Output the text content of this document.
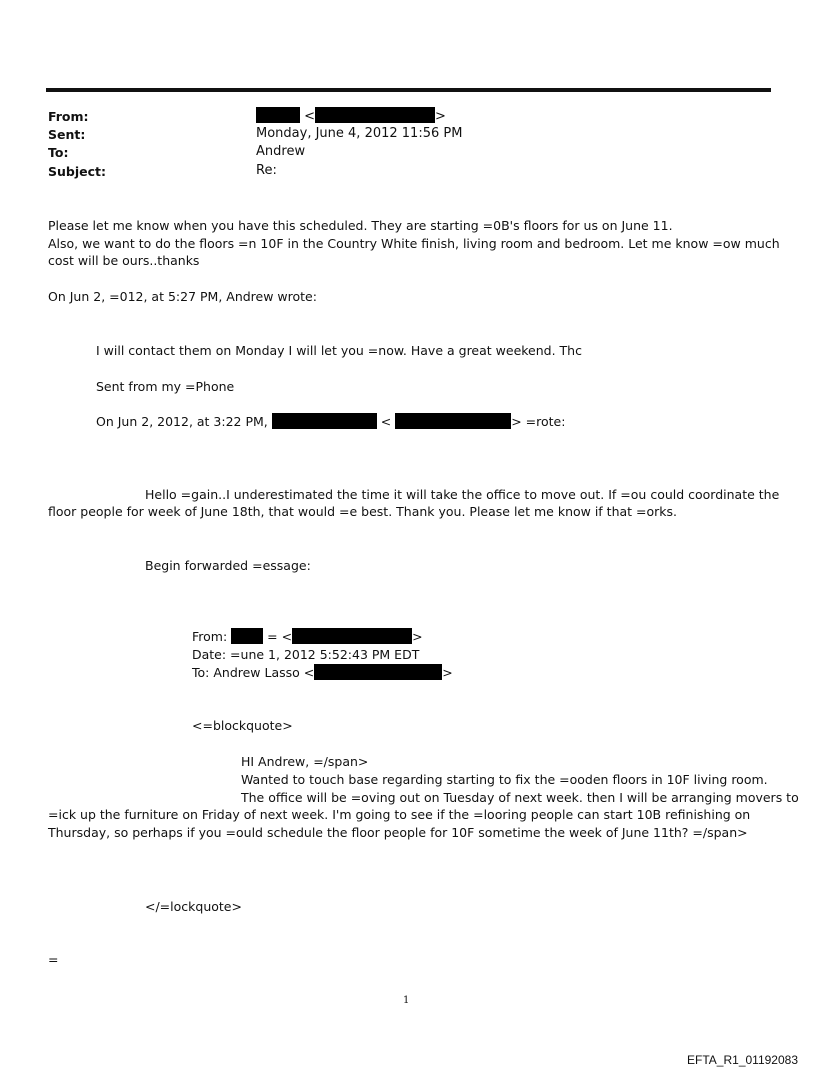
From:	<	>
Sent:	Monday, June 4, 2012 11:56 PM
To:	Andrew
Subject:	Re:
Please let me know when you have this scheduled. They are starting =0B's floors for us on June 11.
Also, we want to do the floors =n 10F in the Country White finish, living room and bedroom. Let me know =ow much
cost will be ours..thanks
On Jun 2, =012, at 5:27 PM, Andrew wrote:
I will contact them on Monday I will let you =now. Have a great weekend. Thc
Sent from my =Phone
On Jun 2, 2012, at 3:22 PM,	<	> =rote:
Hello =gain..I underestimated the time it will take the office to move out. If =ou could coordinate the
floor people for week of June 18th, that would =e best. Thank you. Please let me know if that =orks.
Begin forwarded =essage:
From:	= <	>
Date: =une 1, 2012 5:52:43 PM EDT
To: Andrew Lasso <	>
<=blockquote>
HI Andrew, =/span>
Wanted to touch base regarding starting to fix the =ooden floors in 10F living room.
The office will be =oving out on Tuesday of next week. then I will be arranging movers to
=ick up the furniture on Friday of next week. I'm going to see if the =looring people can start 10B refinishing on
Thursday, so perhaps if you =ould schedule the floor people for 10F sometime the week of June 11th? =/span>
</=lockquote>
=
1
EFTA_R1_01192083
